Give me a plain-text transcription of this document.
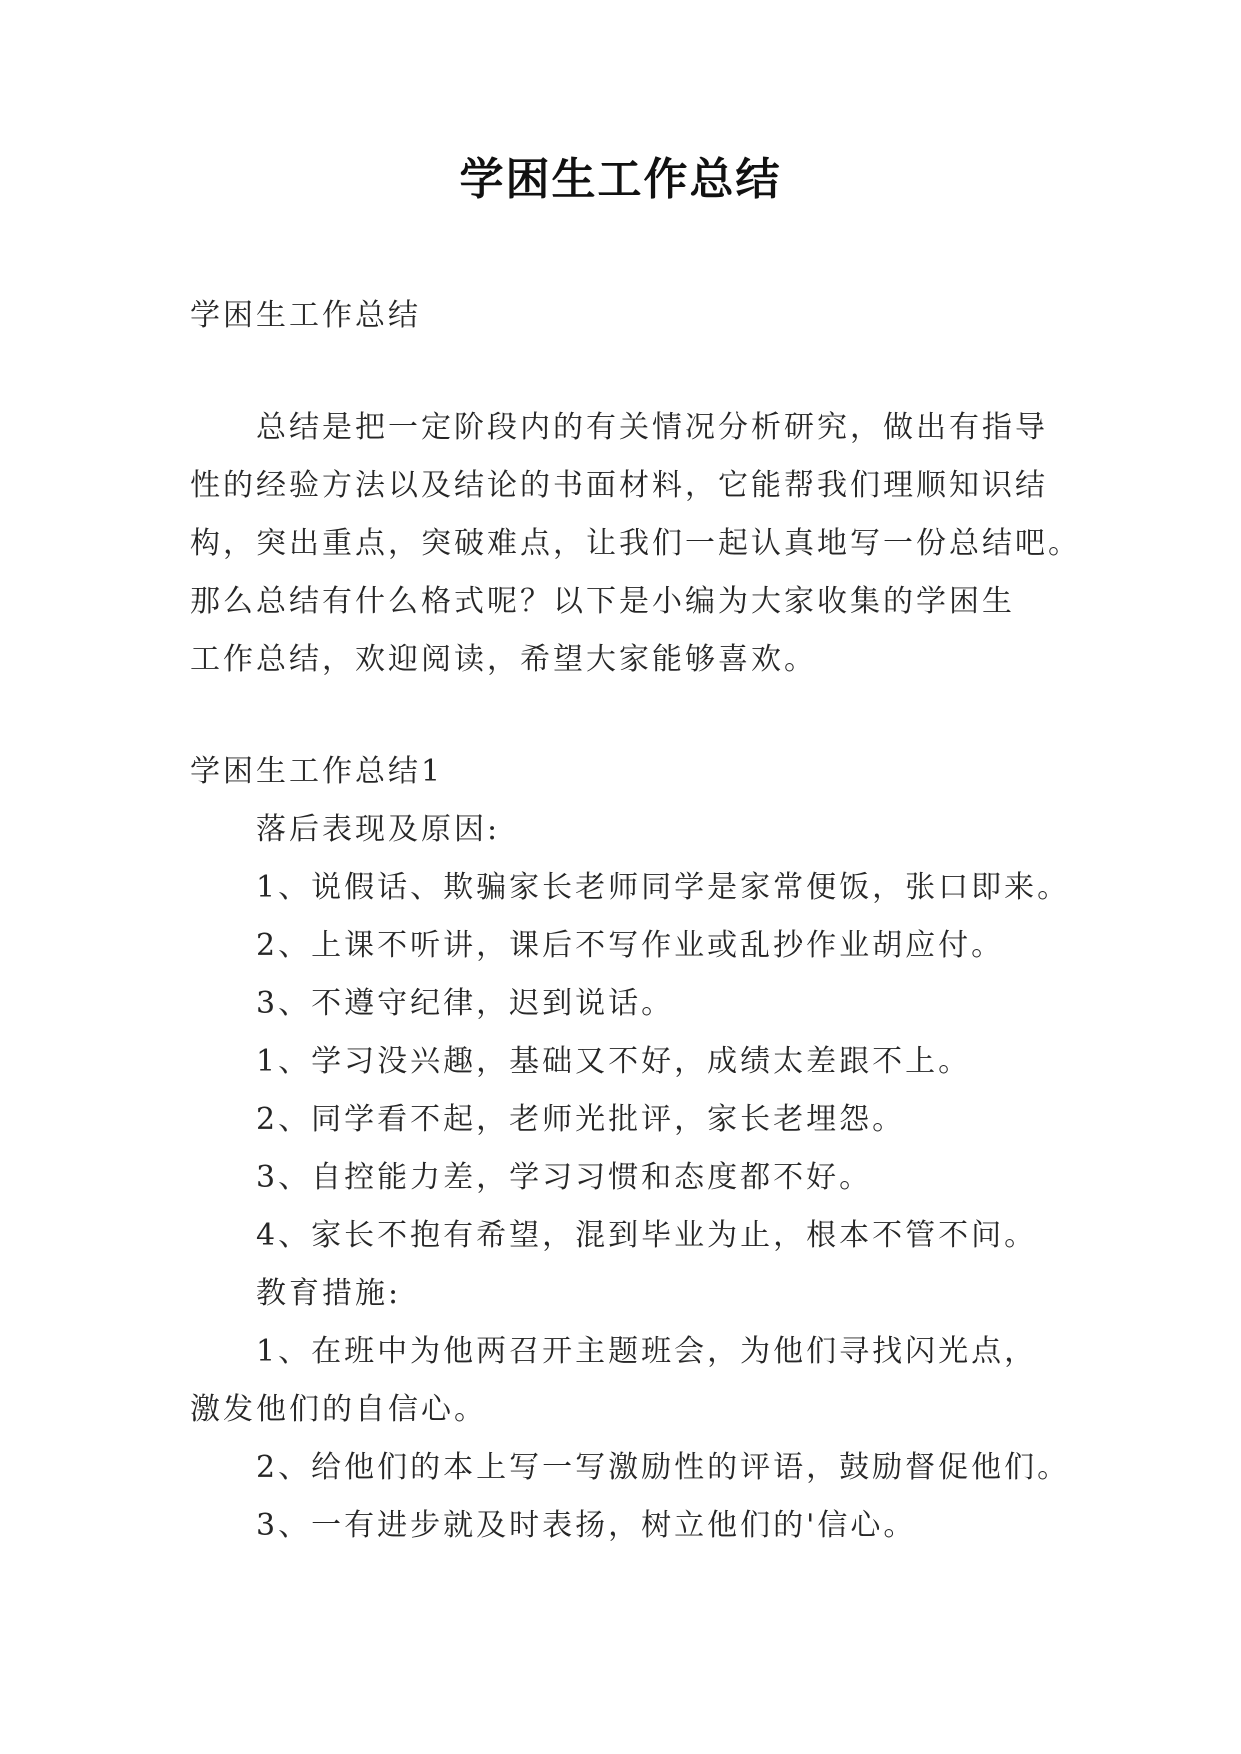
学困生工作总结
学困生工作总结
总结是把一定阶段内的有关情况分析研究，做出有指导
性的经验方法以及结论的书面材料，它能帮我们理顺知识结
构，突出重点，突破难点，让我们一起认真地写一份总结吧。
那么总结有什么格式呢？以下是小编为大家收集的学困生
工作总结，欢迎阅读，希望大家能够喜欢。
学困生工作总结1
落后表现及原因:
1、说假话、欺骗家长老师同学是家常便饭，张口即来。
2、上课不听讲，课后不写作业或乱抄作业胡应付。
3、不遵守纪律，迟到说话。
1、学习没兴趣，基础又不好，成绩太差跟不上。
2、同学看不起，老师光批评，家长老埋怨。
3、自控能力差，学习习惯和态度都不好。
4、家长不抱有希望，混到毕业为止，根本不管不问。
教育措施:
1、在班中为他两召开主题班会，为他们寻找闪光点，
激发他们的自信心。
2、给他们的本上写一写激励性的评语，鼓励督促他们。
3、一有进步就及时表扬，树立他们的'信心。
